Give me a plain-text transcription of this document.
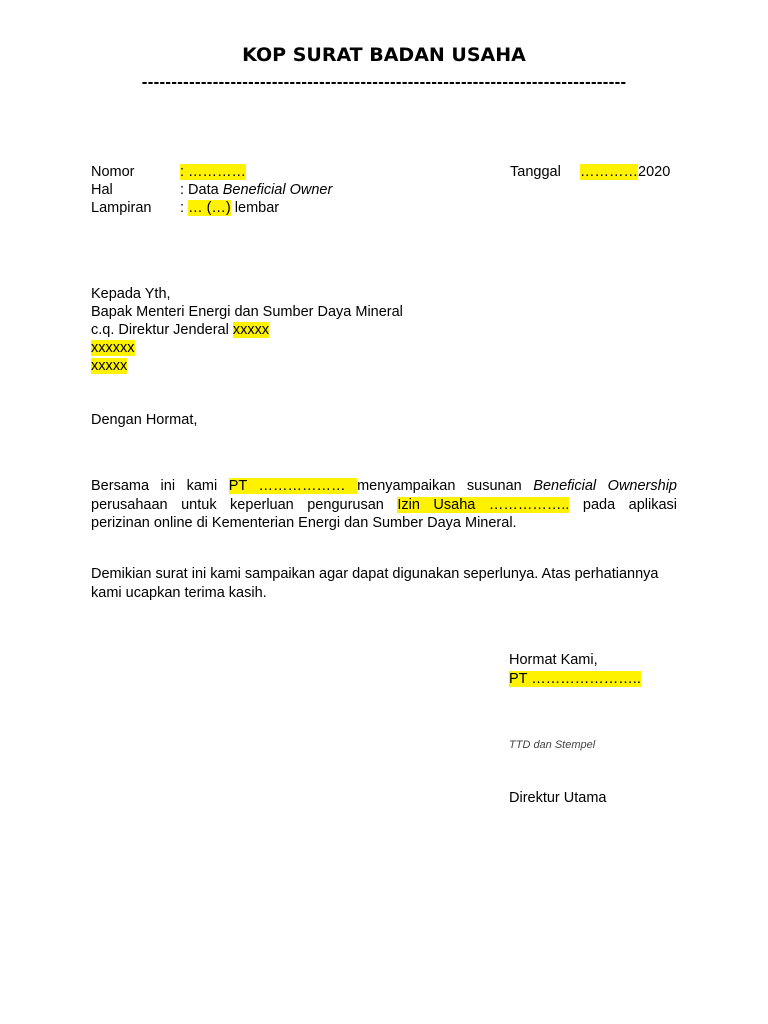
KOP SURAT BADAN USAHA
----------------------------------------------------------------------------------
Nomor	: …………
Hal	: Data Beneficial Owner
Lampiran : … (…) lembar
Tanggal …………2020
Kepada Yth,
Bapak Menteri Energi dan Sumber Daya Mineral
c.q. Direktur Jenderal xxxxx
xxxxxx
xxxxx
Dengan Hormat,
Bersama ini kami PT ……………… menyampaikan susunan Beneficial Ownership
perusahaan untuk keperluan pengurusan Izin Usaha …………….. pada aplikasi
perizinan online di Kementerian Energi dan Sumber Daya Mineral.
Demikian surat ini kami sampaikan agar dapat digunakan seperlunya. Atas perhatiannya
kami ucapkan terima kasih.
Hormat Kami,
PT …………………..
TTD dan Stempel
Direktur Utama
